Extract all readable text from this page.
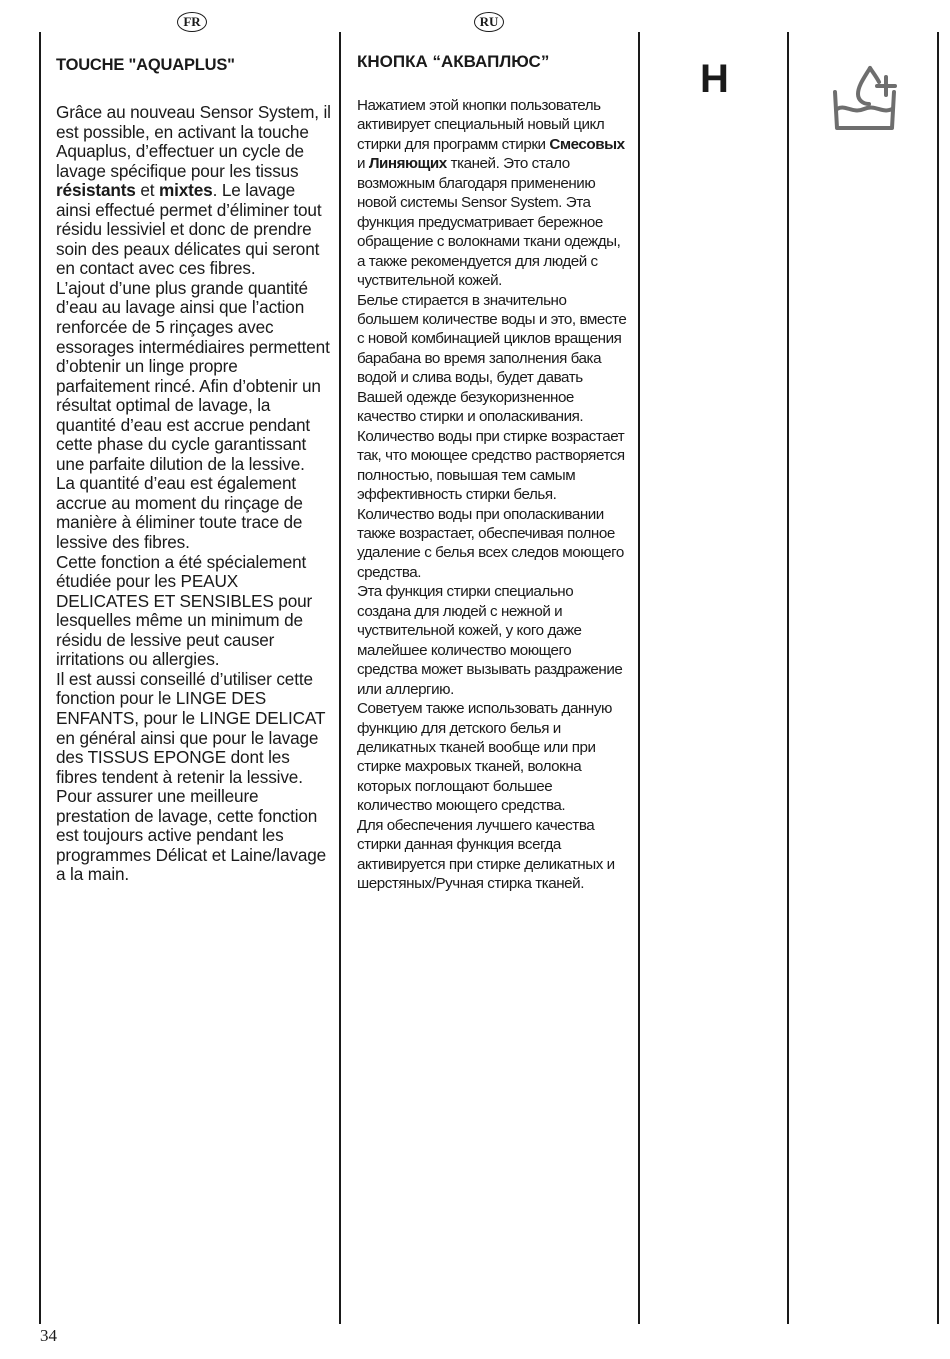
FR	RU
TOUCHE "AQUAPLUS"

Grâce au nouveau Sensor System, il est possible, en activant la touche Aquaplus, d’effectuer un cycle de lavage spécifique pour les tissus résistants et mixtes. Le lavage ainsi effectué permet d’éliminer tout résidu lessiviel et donc de prendre soin des peaux délicates qui seront en contact avec ces fibres.

L’ajout d’une plus grande quantité d’eau au lavage ainsi que l’action renforcée de 5 rinçages avec essorages intermédiaires permettent d’obtenir un linge propre parfaitement rincé. Afin d’obtenir un résultat optimal de lavage, la quantité d’eau est accrue pendant cette phase du cycle garantissant une parfaite dilution de la lessive.

La quantité d’eau est également accrue au moment du rinçage de manière à éliminer toute trace de lessive des fibres.

Cette fonction a été spécialement étudiée pour les PEAUX DELICATES ET SENSIBLES pour lesquelles même un minimum de résidu de lessive peut causer irritations ou allergies.

Il est aussi conseillé d’utiliser cette fonction pour le LINGE DES ENFANTS, pour le LINGE DELICAT en général ainsi que pour le lavage des TISSUS EPONGE dont les fibres tendent à retenir la lessive.

Pour assurer une meilleure prestation de lavage, cette fonction est toujours active pendant les programmes Délicat et Laine/lavage a la main.

КНОПКА “АКВАПЛЮС”

Нажатием этой кнопки пользователь активирует специальный новый цикл стирки для программ стирки Смесовых и Линяющих тканей. Это стало возможным благодаря применению новой системы Sensor System. Эта функция предусматривает бережное обращение с волокнами ткани одежды, а также рекомендуется для людей с чуствительной кожей.

Белье стирается в значительно большем количестве воды и это, вместе с новой комбинацией циклов вращения барабана во время заполнения бака водой и слива воды, будет давать Вашей одежде безукоризненное качество стирки и ополаскивания.

Количество воды при стирке возрастает так, что моющее средство растворяется полностью, повышая тем самым эффективность стирки белья.

Количество воды при ополаскивании также возрастает, обеспечивая полное удаление с белья всех следов моющего средства.

Эта функция стирки специально создана для людей с нежной и чуствительной кожей, у кого даже малейшее количество моющего средства может вызывать раздражение или аллергию.

Советуем также использовать данную функцию для детского белья и деликатных тканей вообще или при стирке махровых тканей, волокна которых поглощают большее количество моющего средства.

Для обеспечения лучшего качества стирки данная функция всегда активируется при стирке деликатных и шерстяных/Ручная стирка тканей.

H
34
